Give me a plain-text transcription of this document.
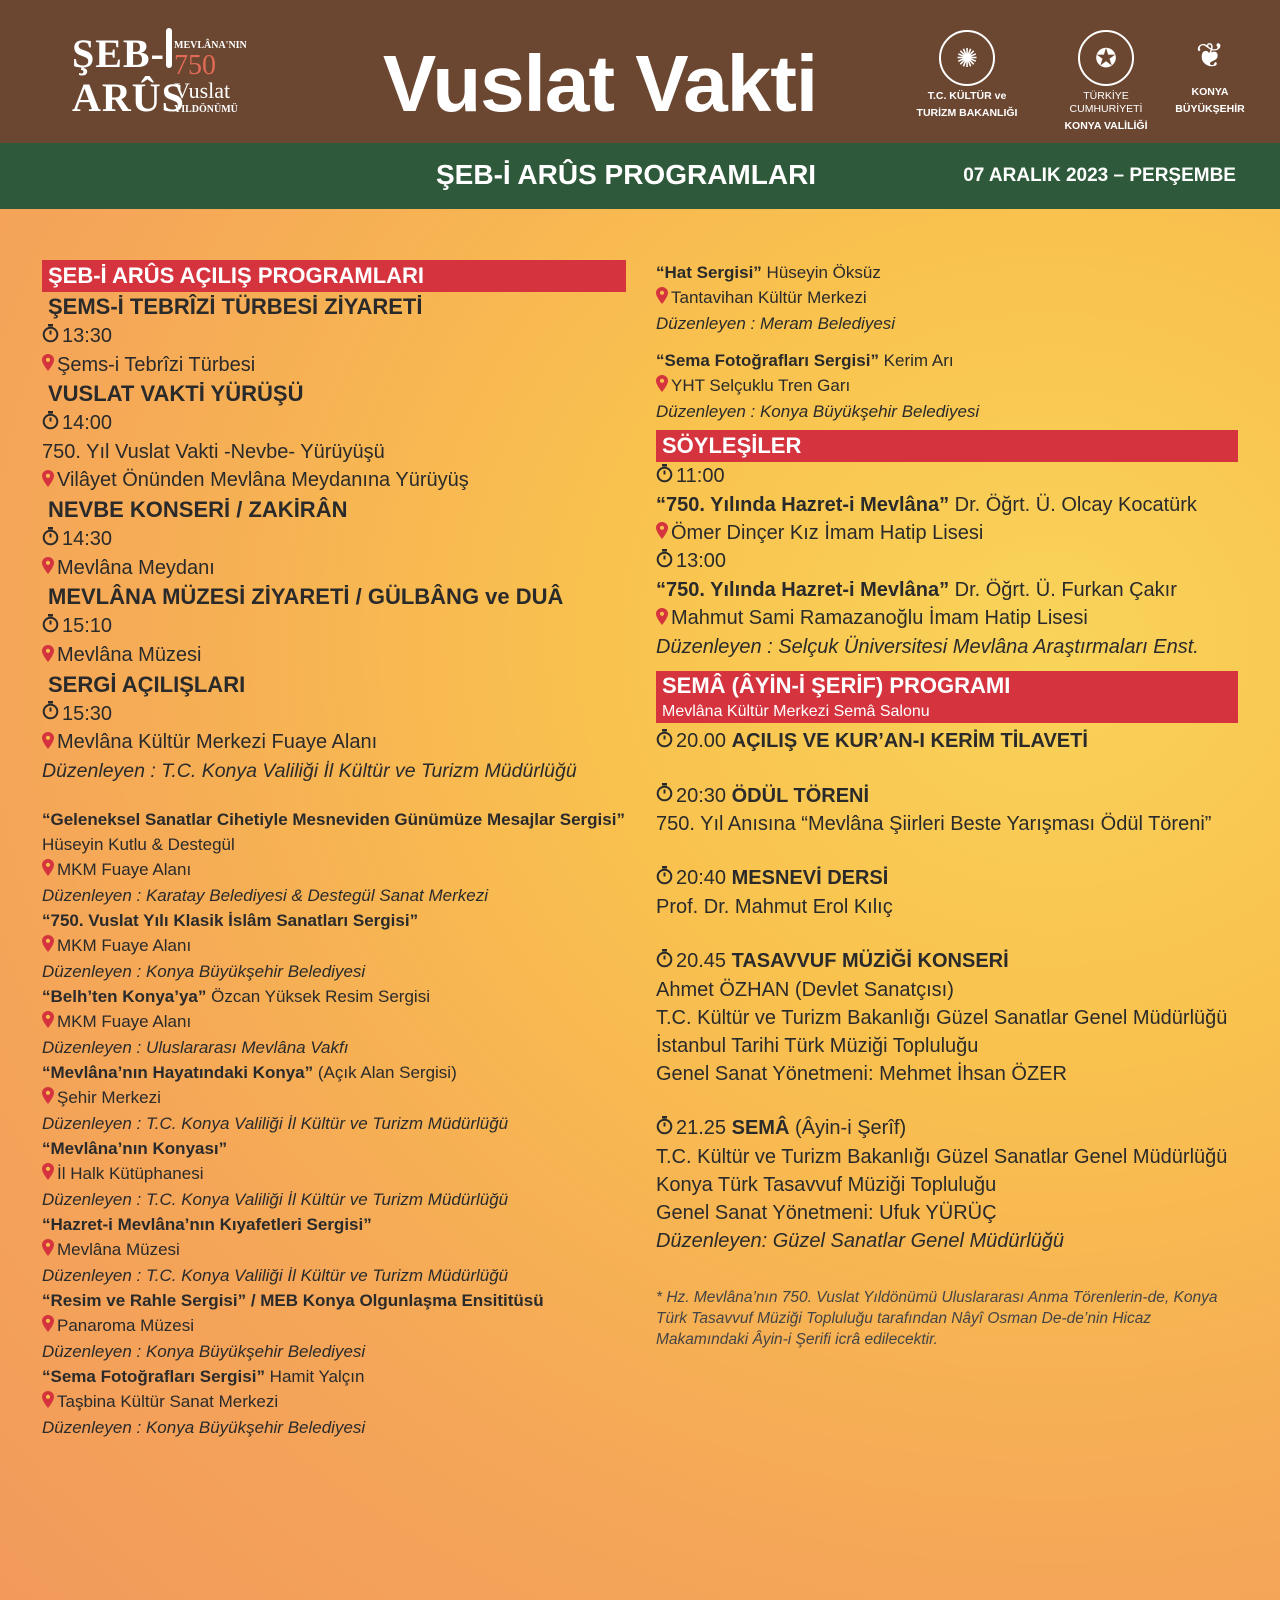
ŞEB-
ARÛS
MEVLÂNA'NIN
750
Vuslat
YILDÖNÜMÜ Vuslat Vakti	✺
T.C. KÜLTÜR ve
TURİZM BAKANLIĞI
✪
TÜRKİYE CUMHURİYETİ
KONYA VALİLİĞİ
❦
KONYA
BÜYÜKŞEHİR
ŞEB-İ ARÛS PROGRAMLARI	07 ARALIK 2023 – PERŞEMBE
ŞEB-İ ARÛS AÇILIŞ PROGRAMLARI
ŞEMS-İ TEBRÎZİ TÜRBESİ ZİYARETİ
13:30
Şems-i Tebrîzi Türbesi
VUSLAT VAKTİ YÜRÜŞÜ
14:00
750. Yıl Vuslat Vakti -Nevbe- Yürüyüşü
Vilâyet Önünden Mevlâna Meydanına Yürüyüş
NEVBE KONSERİ / ZAKİRÂN
14:30
Mevlâna Meydanı
MEVLÂNA MÜZESİ ZİYARETİ / GÜLBÂNG ve DUÂ
15:10
Mevlâna Müzesi
SERGİ AÇILIŞLARI
15:30
Mevlâna Kültür Merkezi Fuaye Alanı
Düzenleyen : T.C. Konya Valiliği İl Kültür ve Turizm Müdürlüğü
“Geleneksel Sanatlar Cihetiyle Mesneviden Günümüze Mesajlar Sergisi”
Hüseyin Kutlu & Destegül
MKM Fuaye Alanı
Düzenleyen : Karatay Belediyesi & Destegül Sanat Merkezi
“750. Vuslat Yılı Klasik İslâm Sanatları Sergisi”
MKM Fuaye Alanı
Düzenleyen : Konya Büyükşehir Belediyesi
“Belh’ten Konya’ya” Özcan Yüksek Resim Sergisi
MKM Fuaye Alanı
Düzenleyen : Uluslararası Mevlâna Vakfı
“Mevlâna’nın Hayatındaki Konya” (Açık Alan Sergisi)
Şehir Merkezi
Düzenleyen : T.C. Konya Valiliği İl Kültür ve Turizm Müdürlüğü
“Mevlâna’nın Konyası”
İl Halk Kütüphanesi
Düzenleyen : T.C. Konya Valiliği İl Kültür ve Turizm Müdürlüğü
“Hazret-i Mevlâna’nın Kıyafetleri Sergisi”
Mevlâna Müzesi
Düzenleyen : T.C. Konya Valiliği İl Kültür ve Turizm Müdürlüğü
“Resim ve Rahle Sergisi” / MEB Konya Olgunlaşma Ensititüsü
Panaroma Müzesi
Düzenleyen : Konya Büyükşehir Belediyesi
“Sema Fotoğrafları Sergisi” Hamit Yalçın
Taşbina Kültür Sanat Merkezi
Düzenleyen : Konya Büyükşehir Belediyesi
“Hat Sergisi” Hüseyin Öksüz
Tantavihan Kültür Merkezi
Düzenleyen : Meram Belediyesi
“Sema Fotoğrafları Sergisi” Kerim Arı
YHT Selçuklu Tren Garı
Düzenleyen : Konya Büyükşehir Belediyesi
SÖYLEŞİLER
11:00
“750. Yılında Hazret-i Mevlâna” Dr. Öğrt. Ü. Olcay Kocatürk
Ömer Dinçer Kız İmam Hatip Lisesi
13:00
“750. Yılında Hazret-i Mevlâna” Dr. Öğrt. Ü. Furkan Çakır
Mahmut Sami Ramazanoğlu İmam Hatip Lisesi
Düzenleyen : Selçuk Üniversitesi Mevlâna Araştırmaları Enst.
SEMÂ (ÂYİN-İ ŞERİF) PROGRAMI
Mevlâna Kültür Merkezi Semâ Salonu
20.00 AÇILIŞ VE KUR’AN-I KERİM TİLAVETİ
20:30 ÖDÜL TÖRENİ
750. Yıl Anısına “Mevlâna Şiirleri Beste Yarışması Ödül Töreni”
20:40 MESNEVİ DERSİ
Prof. Dr. Mahmut Erol Kılıç
20.45 TASAVVUF MÜZİĞİ KONSERİ
Ahmet ÖZHAN (Devlet Sanatçısı)
T.C. Kültür ve Turizm Bakanlığı Güzel Sanatlar Genel Müdürlüğü
İstanbul Tarihi Türk Müziği Topluluğu
Genel Sanat Yönetmeni: Mehmet İhsan ÖZER
21.25 SEMÂ (Âyin-i Şerîf)
T.C. Kültür ve Turizm Bakanlığı Güzel Sanatlar Genel Müdürlüğü
Konya Türk Tasavvuf Müziği Topluluğu
Genel Sanat Yönetmeni: Ufuk YÜRÜÇ
Düzenleyen: Güzel Sanatlar Genel Müdürlüğü
* Hz. Mevlâna’nın 750. Vuslat Yıldönümü Uluslararası Anma Törenlerin-de, Konya Türk Tasavvuf Müziği Topluluğu tarafından Nâyî Osman De-de’nin Hicaz Makamındaki Âyin-i Şerifi icrâ edilecektir.
